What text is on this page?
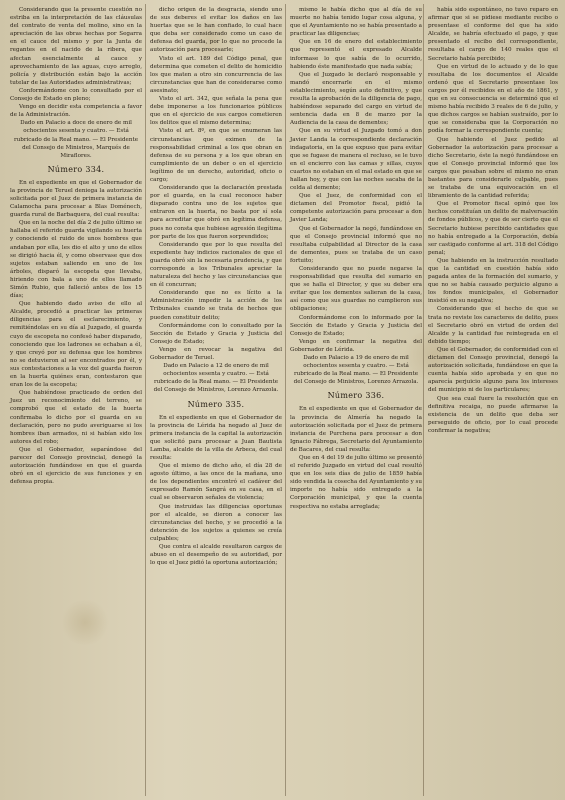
Considerando que la presente cuestión no estriba en la interpretación de las cláusulas del contrato de venta del molino, sino en la apreciación de las obras hechas por Segarra en el cauce del mismo y por la Junta de regantes en el nacido de la ribera, que afectan esencialmente al cauce y aprovechamiento de las aguas, cuyo arreglo, policía y distribución están bajo la acción tutelar de las Autoridades administrativas;

Conformándome con lo consultado por el Consejo de Estado en pleno;

Vengo en decidir esta competencia a favor de la Administración.

Dado en Palacio a doce de enero de mil ochocientos sesenta y cuatro. — Está rubricado de la Real mano. — El Presidente del Consejo de Ministros, Marqués de Miraflores.

Número 334.

En el expediente en que el Gobernador de la provincia de Teruel deniega la autorización solicitada por el Juez de primera instancia de Calamocha para procesar a Blas Doménech, guarda rural de Barbaquera, del cual resulta:

Que en la noche del día 2 de julio último se hallaba el referido guarda vigilando su huerta y conociendo el ruido de unos hombres que andaban por ella, les dio el alto y uno de ellos se dirigió hacia él, y como observase que dos sujetos estaban saliendo en uno de los árboles, disparó la escopeta que llevaba, hiriendo con bala a uno de ellos llamado Simón Rubio, que falleció antes de los 15 días;

Que habiendo dado aviso de ello al Alcalde, procedió a practicar las primeras diligencias para el esclarecimiento, y remitiéndolas en su día al Juzgado, el guarda cuyo de escopeta no confesó haber disparado, conociendo que los ladrones se echaban a él, y que creyó por su defensa que los hombres no se detuvieron al ser encontrados por él, y sus contestaciones a la voz del guarda fueron en la huerta quiénes eran, contestaron que eran los de la escopeta;

Que habiéndose practicado de orden del Juez un reconocimiento del terreno, se comprobó que el estado de la huerta confirmaba lo dicho por el guarda en su declaración, pero no pudo averiguarse si los hombres iban armados, ni si habían sido los autores del robo;

Que el Gobernador, separándose del parecer del Consejo provincial, denegó la autorización fundándose en que el guarda obró en el ejercicio de sus funciones y en defensa propia.

dicho origen de la desgracia, siendo uno de sus deberes el evitar los daños en las huertas que se le han confiado, lo cual hace que deba ser considerado como un caso de defensa del guarda, por lo que no procede la autorización para procesarle;

Visto el art. 189 del Código penal, que determina que cometen el delito de homicidio los que maten a otro sin concurrencia de las circunstancias que han de considerarse como asesinato;

Visto el art. 342, que señala la pena que debe imponerse a los funcionarios públicos que en el ejercicio de sus cargos cometieren los delitos que el mismo determina;

Visto el art. 8º, en que se enumeran las circunstancias que eximen de la responsabilidad criminal a los que obran en defensa de su persona y a los que obran en cumplimiento de un deber o en el ejercicio legítimo de un derecho, autoridad, oficio o cargo;

Considerando que la declaración prestada por el guarda, en la cual reconoce haber disparado contra uno de los sujetos que entraron en la huerta, no basta por sí sola para acreditar que obró en legítima defensa, pues no consta que hubiese agresión ilegítima por parte de los que fueron sorprendidos;

Considerando que por lo que resulta del expediente hay indicios racionales de que el guarda obró sin la necesaria prudencia, y que corresponde a los Tribunales apreciar la naturaleza del hecho y las circunstancias que en él concurran;

Considerando que no es lícito a la Administración impedir la acción de los Tribunales cuando se trata de hechos que pueden constituir delito;

Conformándome con lo consultado por la Sección de Estado y Gracia y Justicia del Consejo de Estado;

Vengo en revocar la negativa del Gobernador de Teruel.

Dado en Palacio a 12 de enero de mil ochocientos sesenta y cuatro. — Está rubricado de la Real mano. — El Presidente del Consejo de Ministros, Lorenzo Arrazola.

Número 335.

En el expediente en que el Gobernador de la provincia de Lérida ha negado al Juez de primera instancia de la capital la autorización que solicitó para procesar a Juan Bautista Lamba, alcalde de la villa de Arbeca, del cual resulta:

Que el mismo de dicho año, el día 28 de agosto último, a las once de la mañana, uno de los dependientes encontró el cadáver del expresado Ramón Sangrá en su casa, en el cual se observaron señales de violencia;

Que instruidas las diligencias oportunas por el alcalde, se dieron a conocer las circunstancias del hecho, y se procedió a la detención de los sujetos a quienes se creía culpables;

Que contra el alcalde resultaron cargos de abuso en el desempeño de su autoridad, por lo que el Juez pidió la oportuna autorización;

mismo le había dicho que al día de su muerte no había tenido lugar cosa alguna, y que el Ayuntamiento no se había presentado a practicar las diligencias;

Que en 16 de enero del establecimiento que representó el expresado Alcalde informase lo que sabía de lo ocurrido, habiendo éste manifestado que nada sabía;

Que el Juzgado le declaró responsable y mandó encerrarle en el mismo establecimiento, según auto definitivo, y que resulta la aprobación de la diligencia de pago, habiéndose separado del cargo en virtud de sentencia dada en 8 de marzo por la Audiencia de la casa de dementes;

Que en su virtud el Juzgado tomó a don Javier Landa la correspondiente declaración indagatoria, en la que expuso que para evitar que se fugase de manera el recluso, se le tuvo en el encierro con las camas y sillas, cuyos cuartos no estaban en el mal estado en que se hallan hoy, y que con las noches sacaba de la celda al demente;

Que el Juez, de conformidad con el dictamen del Promotor fiscal, pidió la competente autorización para procesar a don Javier Landa;

Que el Gobernador la negó, fundándose en que el Consejo provincial informó que no resultaba culpabilidad al Director de la casa de dementes, pues se trataba de un caso fortuito;

Considerando que no puede negarse la responsabilidad que resulta del sumario en que se halla el Director, y que su deber era evitar que los dementes salieran de la casa, así como que sus guardas no cumplieron sus obligaciones;

Conformándome con lo informado por la Sección de Estado y Gracia y Justicia del Consejo de Estado;

Vengo en confirmar la negativa del Gobernador de Lérida.

Dado en Palacio a 19 de enero de mil ochocientos sesenta y cuatro. — Está rubricado de la Real mano. — El Presidente del Consejo de Ministros, Lorenzo Arrazola.

Número 336.

En el expediente en que el Gobernador de la provincia de Almería ha negado la autorización solicitada por el Juez de primera instancia de Purchena para procesar a don Ignacio Fábrega, Secretario del Ayuntamiento de Bacares, del cual resulta:

Que en 4 del 19 de julio último se presentó el referido Juzgado en virtud del cual resultó que en los seis días de julio de 1859 había sido vendida la cosecha del Ayuntamiento y su importe no había sido entregado a la Corporación municipal, y que la cuenta respectiva no estaba arreglada;

había sido espontáneo, no tuvo reparo en afirmar que si se pidiese mediante recibo o presentase el conforme del que ha sido Alcalde, se habría efectuado el pago, y que presentado el recibo del correspondiente, resultaba el cargo de 140 reales que el Secretario había percibido;

Que en virtud de lo actuado y de lo que resultaba de los documentos el Alcalde ordenó que el Secretario presentase los cargos por él recibidos en el año de 1861, y que en su consecuencia se determinó que el mismo había recibido 3 reales de 6 de julio, y que dichos cargos se habían sustraído, por lo que se consideraba que la Corporación no podía formar la correspondiente cuenta;

Que habiendo el Juez pedido al Gobernador la autorización para procesar a dicho Secretario, éste la negó fundándose en que el Consejo provincial informó que los cargos que pesaban sobre el mismo no eran bastantes para considerarle culpable, pues se trataba de una equivocación en el libramiento de la cantidad referida;

Que el Promotor fiscal opinó que los hechos constituían un delito de malversación de fondos públicos, y que de ser cierto que el Secretario hubiese percibido cantidades que no había entregado a la Corporación, debía ser castigado conforme al art. 318 del Código penal;

Que habiendo en la instrucción resultado que la cantidad en cuestión había sido pagada antes de la formación del sumario, y que no se había causado perjuicio alguno a los fondos municipales, el Gobernador insistió en su negativa;

Considerando que el hecho de que se trata no reviste los caracteres de delito, pues el Secretario obró en virtud de orden del Alcalde y la cantidad fue reintegrada en el debido tiempo;

Que el Gobernador, de conformidad con el dictamen del Consejo provincial, denegó la autorización solicitada, fundándose en que la cuenta había sido aprobada y en que no aparecía perjuicio alguno para los intereses del municipio ni de los particulares;

Que sea cual fuere la resolución que en definitiva recaiga, no puede afirmarse la existencia de un delito que deba ser perseguido de oficio, por lo cual procede confirmar la negativa;
